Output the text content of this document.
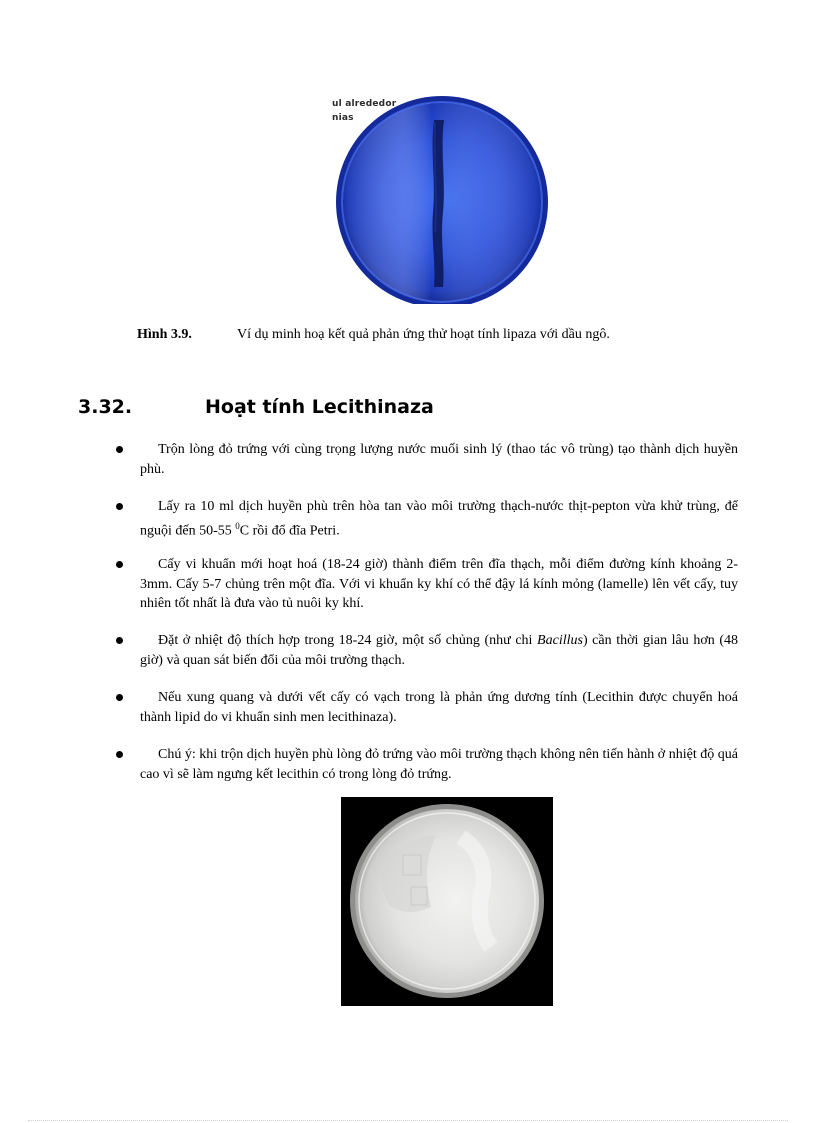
ul alrededor
nias
Hình 3.9.	Ví dụ minh hoạ kết quả phản ứng thử hoạt tính lipaza với dầu ngô.
3.32.	Hoạt tính Lecithinaza
Trộn lòng đỏ trứng với cùng trọng lượng nước muối sinh lý (thao tác vô trùng) tạo thành dịch huyền phù.
Lấy ra 10 ml dịch huyền phù trên hòa tan vào môi trường thạch-nước thịt-pepton vừa khử trùng, để nguội đến 50-55 $^0$C rồi đổ đĩa Petri.
Cấy vi khuẩn mới hoạt hoá (18-24 giờ) thành điểm trên đĩa thạch, mỗi điểm đường kính khoảng 2-3mm. Cấy 5-7 chủng trên một đĩa. Với vi khuẩn ky khí có thể đậy lá kính mỏng (lamelle) lên vết cấy, tuy nhiên tốt nhất là đưa vào tủ nuôi ky khí.
Đặt ở nhiệt độ thích hợp trong 18-24 giờ, một số chủng (như chi Bacillus) cần thời gian lâu hơn (48 giờ) và quan sát biến đổi của môi trường thạch.
Nếu xung quang và dưới vết cấy có vạch trong là phản ứng dương tính (Lecithin được chuyển hoá thành lipid do vi khuẩn sinh men lecithinaza).
Chú ý: khi trộn dịch huyền phù lòng đỏ trứng vào môi trường thạch không nên tiến hành ở nhiệt độ quá cao vì sẽ làm ngưng kết lecithin có trong lòng đỏ trứng.
